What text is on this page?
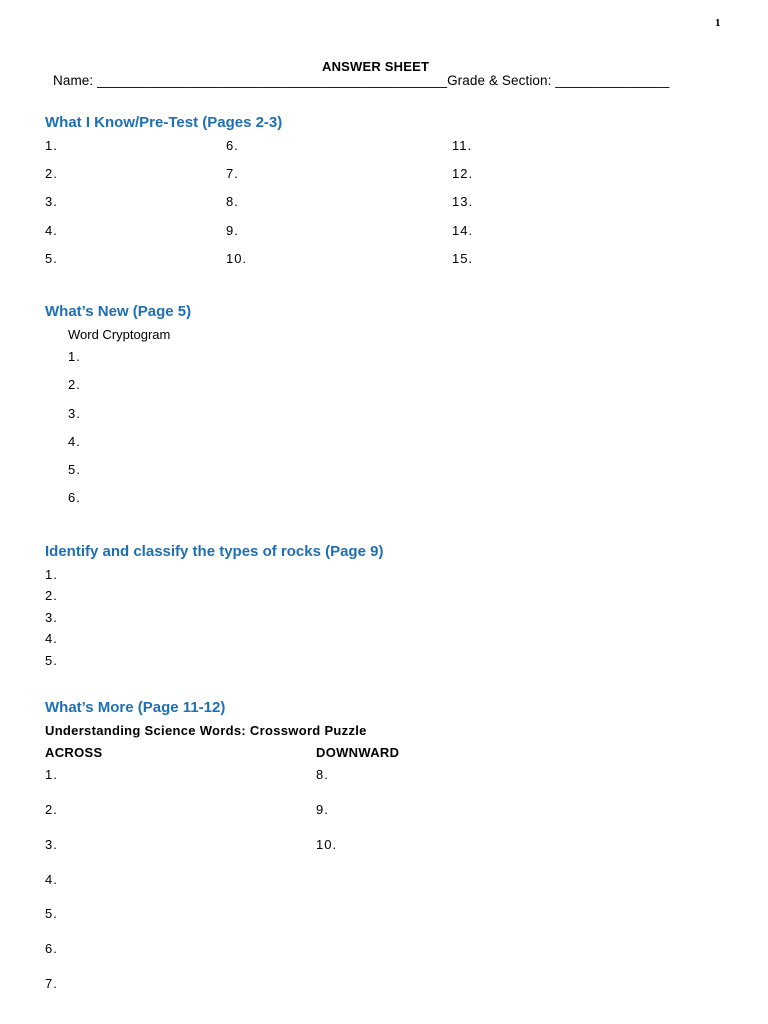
1
ANSWER SHEET
Name: ______________________________________________Grade & Section: _______________
What I Know/Pre-Test (Pages 2-3)
1.
2.
3.
4.
5.
6.
7.
8.
9.
10.
11.
12.
13.
14.
15.
What’s New (Page 5)
Word Cryptogram
1.
2.
3.
4.
5.
6.
Identify and classify the types of rocks (Page 9)
1.
2.
3.
4.
5.
What’s More (Page 11-12)
Understanding Science Words: Crossword Puzzle
ACROSS	DOWNWARD
1.
2.
3.
4.
5.
6.
7.
8.
9.
10.
